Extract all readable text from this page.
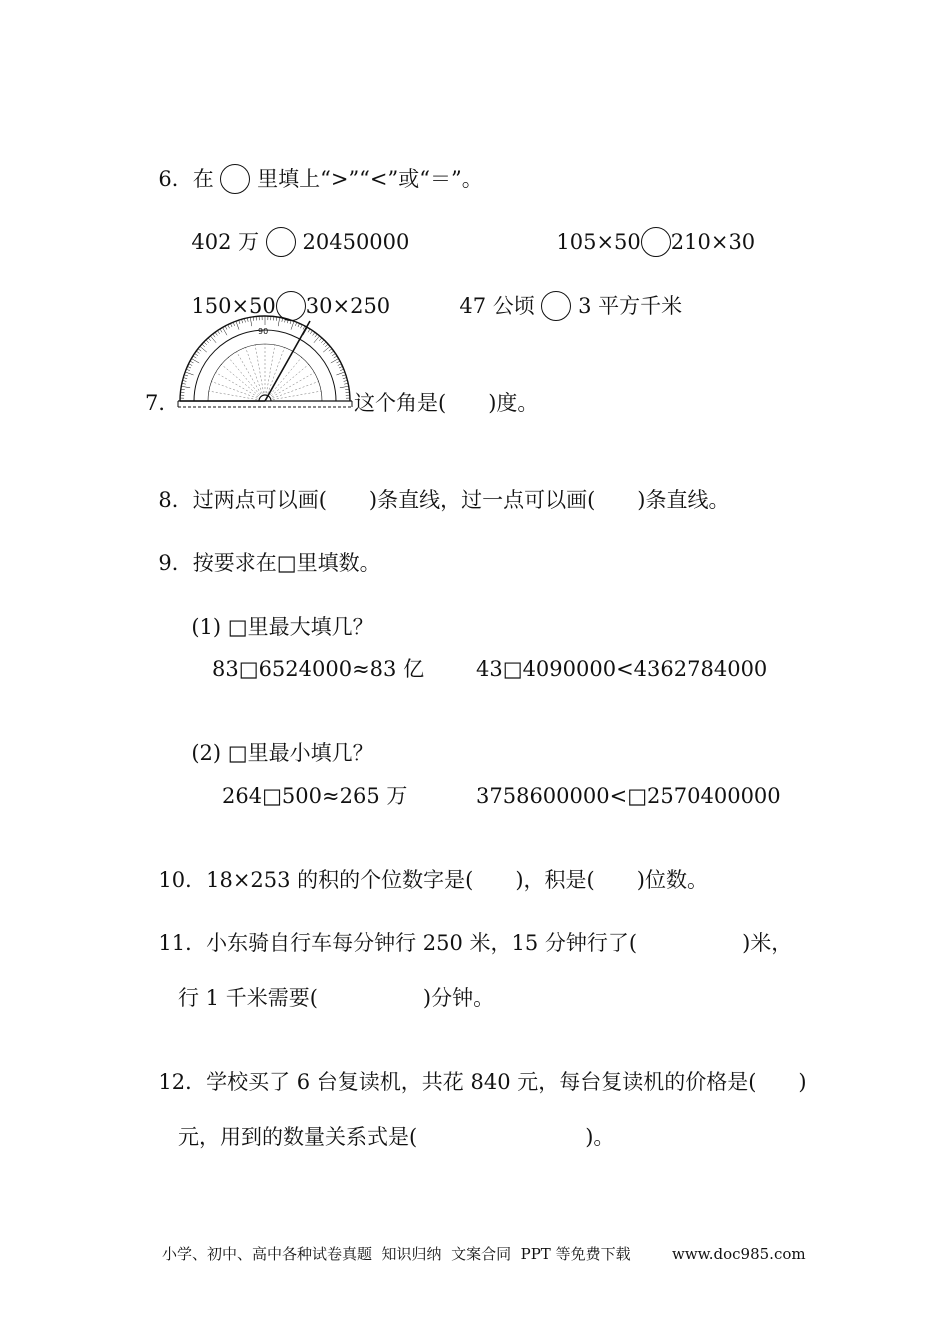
6．在 里填上“>”“<”或“＝”。

402 万 20450000	105×50 210×30

150×50 30×250	47 公顷 3 平方千米

7．
90
这个角是(　　)度。

8．过两点可以画(　　)条直线，过一点可以画(　　)条直线。

9．按要求在□里填数。

(1) □里最大填几？

83□6524000≈83 亿 43□4090000<4362784000

(2) □里最小填几？

264□500≈265 万	3758600000<□2570400000

10．18×253 的积的个位数字是(　　)，积是(　　)位数。

11．小东骑自行车每分钟行 250 米，15 分钟行了(　　　　　)米，

行 1 千米需要(　　　　　)分钟。

12．学校买了 6 台复读机，共花 840 元，每台复读机的价格是(　　)

元，用到的数量关系式是(　　　　　　　　)。
小学、初中、高中各种试卷真题  知识归纳  文案合同  PPT 等免费下载	www.doc985.com
